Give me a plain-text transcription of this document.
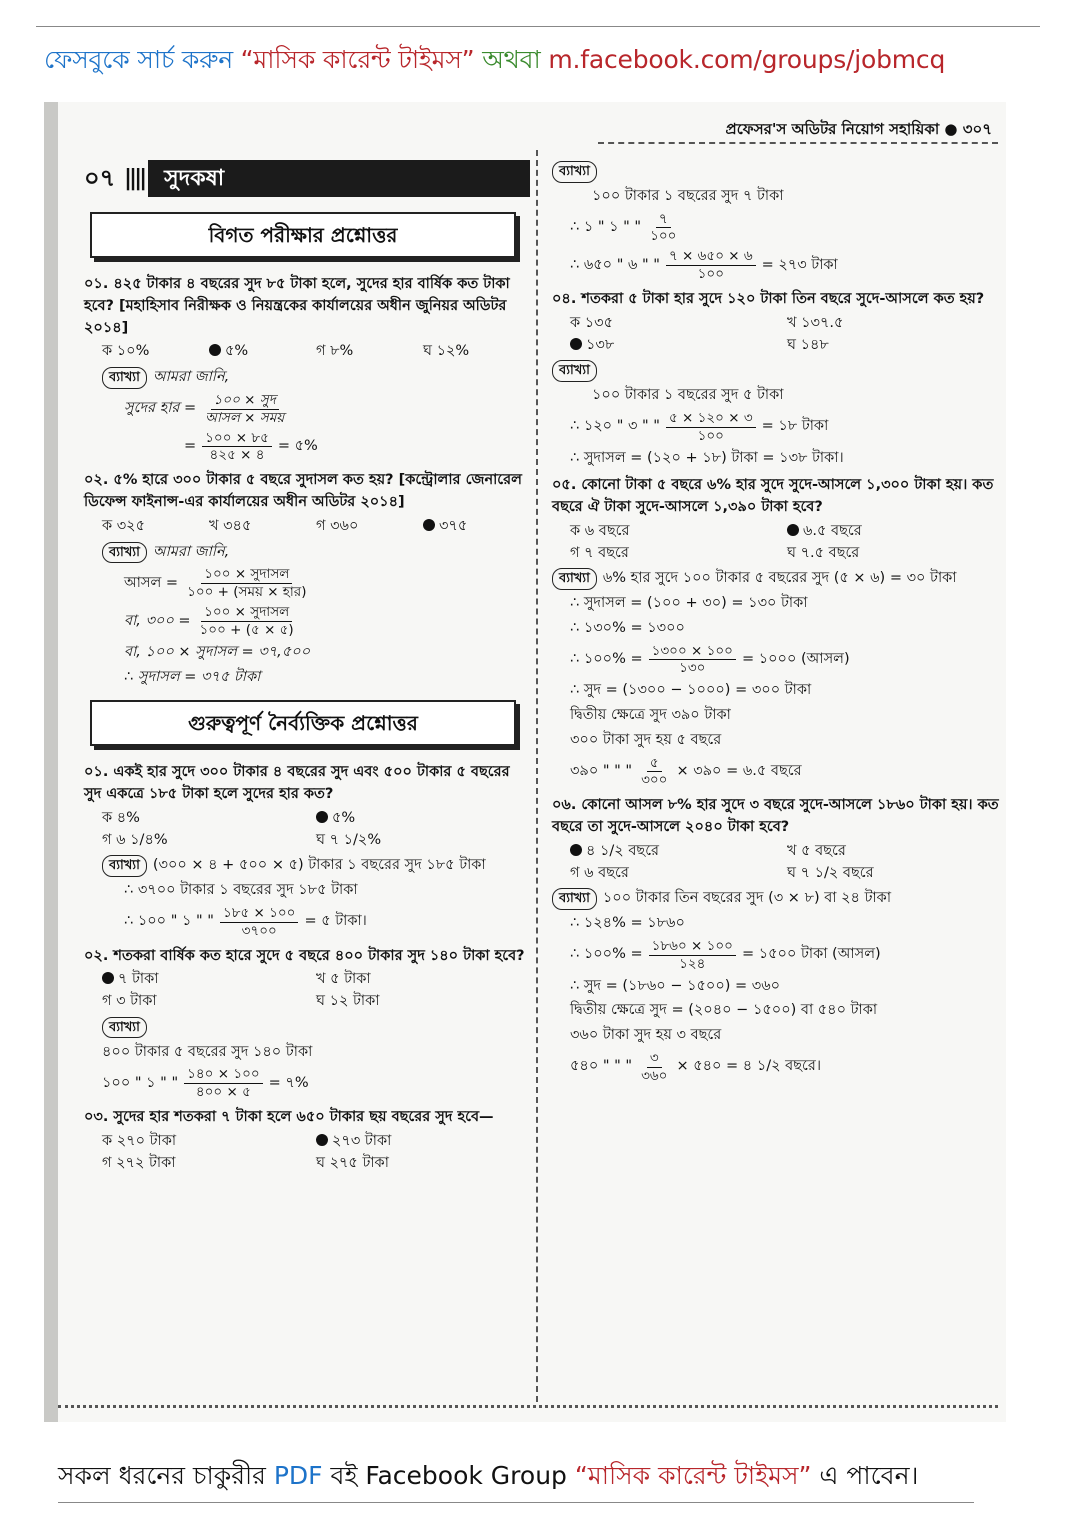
ফেসবুকে সার্চ করুন “মাসিক কারেন্ট টাইমস” অথবা m.facebook.com/groups/jobmcq
প্রফেসর'স অডিটর নিয়োগ সহায়িকা ● ৩০৭
০৭ |||| সুদকষা
বিগত পরীক্ষার প্রশ্নোত্তর
০১. ৪২৫ টাকার ৪ বছরের সুদ ৮৫ টাকা হলে, সুদের হার বার্ষিক কত টাকা হবে? [মহাহিসাব নিরীক্ষক ও নিয়ন্ত্রকের কার্যালয়ের অধীন জুনিয়র অডিটর ২০১৪]
ক ১০%	৫%	গ ৮%	ঘ ১২%
ব্যাখ্যা আমরা জানি,
সুদের হার = $\frac{\text{১০০ × সুদ}}{\text{আসল × সময়}}$
= $\frac{১০০ \times ৮৫}{৪২৫ \times ৪}$ = ৫%
০২. ৫% হারে ৩০০ টাকার ৫ বছরে সুদাসল কত হয়? [কন্ট্রোলার জেনারেল ডিফেন্স ফাইনান্স-এর কার্যালয়ের অধীন অডিটর ২০১৪]
ক ৩২৫	খ ৩৪৫	গ ৩৬০	৩৭৫
ব্যাখ্যা আমরা জানি,
আসল = $\frac{\text{১০০ × সুদাসল}}{\text{১০০ + (সময় × হার)}}$
বা, ৩০০ = $\frac{\text{১০০ × সুদাসল}}{১০০ + (৫ \times ৫)}$
বা, ১০০ × সুদাসল = ৩৭,৫০০
∴ সুদাসল = ৩৭৫ টাকা
গুরুত্বপূর্ণ নৈর্ব্যক্তিক প্রশ্নোত্তর
০১. একই হার সুদে ৩০০ টাকার ৪ বছরের সুদ এবং ৫০০ টাকার ৫ বছরের সুদ একত্রে ১৮৫ টাকা হলে সুদের হার কত?
ক ৪%	৫%
গ ৬ ১/৪%	ঘ ৭ ১/২%
ব্যাখ্যা (৩০০ × ৪ + ৫০০ × ৫) টাকার ১ বছরের সুদ ১৮৫ টাকা
∴ ৩৭০০ টাকার ১ বছরের সুদ ১৮৫ টাকা
∴ ১০০ " ১ " " $\frac{১৮৫ \times ১০০}{৩৭০০}$ = ৫ টাকা।
০২. শতকরা বার্ষিক কত হারে সুদে ৫ বছরে ৪০০ টাকার সুদ ১৪০ টাকা হবে?
৭ টাকা	খ ৫ টাকা
গ ৩ টাকা	ঘ ১২ টাকা
ব্যাখ্যা
৪০০ টাকার ৫ বছরের সুদ ১৪০ টাকা
১০০ " ১ " " $\frac{১৪০ \times ১০০}{৪০০ \times ৫}$ = ৭%
০৩. সুদের হার শতকরা ৭ টাকা হলে ৬৫০ টাকার ছয় বছরের সুদ হবে—
ক ২৭০ টাকা	২৭৩ টাকা
গ ২৭২ টাকা	ঘ ২৭৫ টাকা
ব্যাখ্যা
১০০ টাকার ১ বছরের সুদ ৭ টাকা
∴ ১ " ১ " " $\frac{৭}{১০০}$
∴ ৬৫০ " ৬ " " $\frac{৭ \times ৬৫০ \times ৬}{১০০}$ = ২৭৩ টাকা
০৪. শতকরা ৫ টাকা হার সুদে ১২০ টাকা তিন বছরে সুদে-আসলে কত হয়?
ক ১৩৫	খ ১৩৭.৫
১৩৮	ঘ ১৪৮
ব্যাখ্যা
১০০ টাকার ১ বছরের সুদ ৫ টাকা
∴ ১২০ " ৩ " " $\frac{৫ \times ১২০ \times ৩}{১০০}$ = ১৮ টাকা
∴ সুদাসল = (১২০ + ১৮) টাকা = ১৩৮ টাকা।
০৫. কোনো টাকা ৫ বছরে ৬% হার সুদে সুদে-আসলে ১,৩০০ টাকা হয়। কত বছরে ঐ টাকা সুদে-আসলে ১,৩৯০ টাকা হবে?
ক ৬ বছরে	৬.৫ বছরে
গ ৭ বছরে	ঘ ৭.৫ বছরে
ব্যাখ্যা ৬% হার সুদে ১০০ টাকার ৫ বছরের সুদ (৫ × ৬) = ৩০ টাকা
∴ সুদাসল = (১০০ + ৩০) = ১৩০ টাকা
∴ ১৩০% = ১৩০০
∴ ১০০% = $\frac{১৩০০ \times ১০০}{১৩০}$ = ১০০০ (আসল)
∴ সুদ = (১৩০০ − ১০০০) = ৩০০ টাকা
দ্বিতীয় ক্ষেত্রে সুদ ৩৯০ টাকা
৩০০ টাকা সুদ হয় ৫ বছরে
৩৯০ " " " $\frac{৫}{৩০০}$ × ৩৯০ = ৬.৫ বছরে
০৬. কোনো আসল ৮% হার সুদে ৩ বছরে সুদে-আসলে ১৮৬০ টাকা হয়। কত বছরে তা সুদে-আসলে ২০৪০ টাকা হবে?
৪ ১/২ বছরে	খ ৫ বছরে
গ ৬ বছরে	ঘ ৭ ১/২ বছরে
ব্যাখ্যা ১০০ টাকার তিন বছরের সুদ (৩ × ৮) বা ২৪ টাকা
∴ ১২৪% = ১৮৬০
∴ ১০০% = $\frac{১৮৬০ \times ১০০}{১২৪}$ = ১৫০০ টাকা (আসল)
∴ সুদ = (১৮৬০ − ১৫০০) = ৩৬০
দ্বিতীয় ক্ষেত্রে সুদ = (২০৪০ − ১৫০০) বা ৫৪০ টাকা
৩৬০ টাকা সুদ হয় ৩ বছরে
৫৪০ " " " $\frac{৩}{৩৬০}$ × ৫৪০ = ৪ ১/২ বছরে।
সকল ধরনের চাকুরীর PDF বই Facebook Group “মাসিক কারেন্ট টাইমস” এ পাবেন।
